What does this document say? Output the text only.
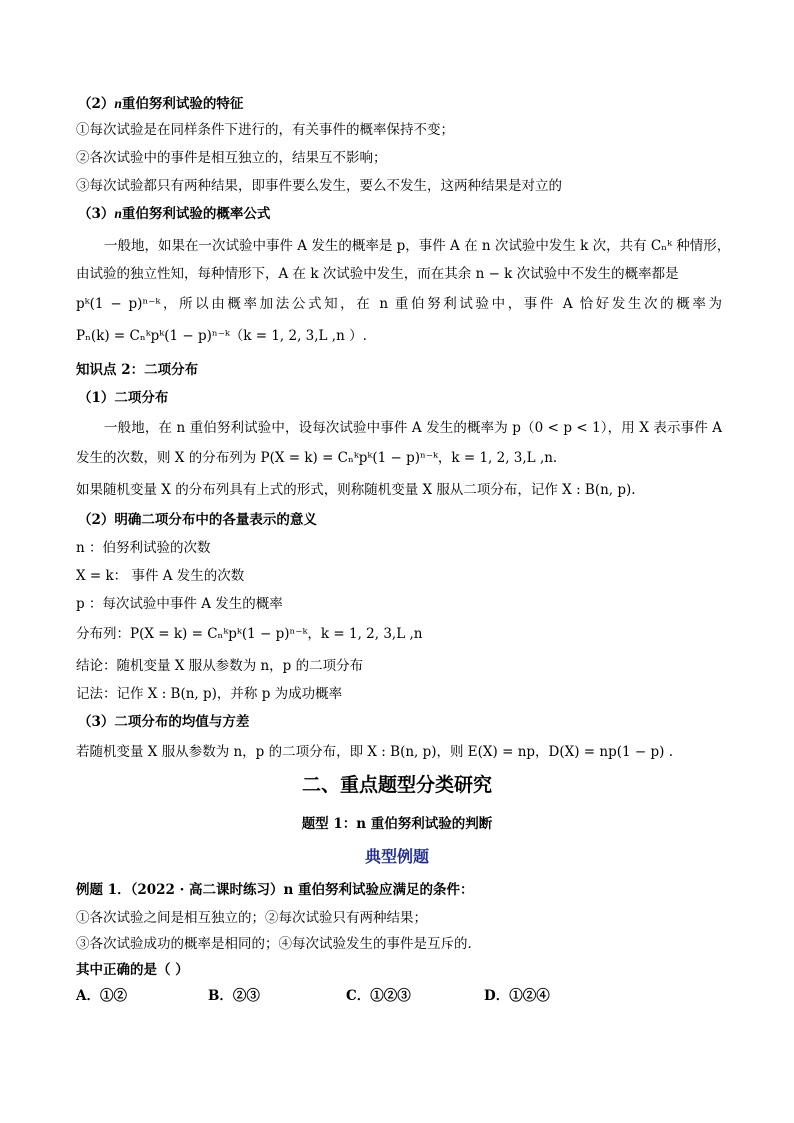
（2）n重伯努利试验的特征
①每次试验是在同样条件下进行的，有关事件的概率保持不变；
②各次试验中的事件是相互独立的，结果互不影响；
③每次试验都只有两种结果，即事件要么发生，要么不发生，这两种结果是对立的
（3）n重伯努利试验的概率公式
一般地，如果在一次试验中事件 A 发生的概率是 p，事件 A 在 n 次试验中发生 k 次，共有 Cₙᵏ 种情形，
由试验的独立性知，每种情形下，A 在 k 次试验中发生，而在其余 n − k 次试验中不发生的概率都是
pᵏ(1 − p)ⁿ⁻ᵏ，所以由概率加法公式知，在 n 重伯努利试验中，事件 A 恰好发生次的概率为
Pₙ(k) = Cₙᵏpᵏ(1 − p)ⁿ⁻ᵏ（k = 1, 2, 3,L ,n ）.
知识点 2：二项分布
（1）二项分布
一般地，在 n 重伯努利试验中，设每次试验中事件 A 发生的概率为 p（0 < p < 1），用 X 表示事件 A
发生的次数，则 X 的分布列为 P(X = k) = Cₙᵏpᵏ(1 − p)ⁿ⁻ᵏ，k = 1, 2, 3,L ,n.
如果随机变量 X 的分布列具有上式的形式，则称随机变量 X 服从二项分布，记作 X : B(n, p).
（2）明确二项分布中的各量表示的意义
n ：伯努利试验的次数
X = k： 事件 A 发生的次数
p ：每次试验中事件 A 发生的概率
分布列：P(X = k) = Cₙᵏpᵏ(1 − p)ⁿ⁻ᵏ，k = 1, 2, 3,L ,n
结论：随机变量 X 服从参数为 n，p 的二项分布
记法：记作 X : B(n, p)，并称 p 为成功概率
（3）二项分布的均值与方差
若随机变量 X 服从参数为 n，p 的二项分布，即 X : B(n, p)，则 E(X) = np，D(X) = np(1 − p) .
二、重点题型分类研究
题型 1：n 重伯努利试验的判断
典型例题
例题 1．（2022 · 高二课时练习）n 重伯努利试验应满足的条件：
①各次试验之间是相互独立的；②每次试验只有两种结果；
③各次试验成功的概率是相同的；④每次试验发生的事件是互斥的．
其中正确的是（ ）
A．①②	B．②③	C．①②③	D．①②④
